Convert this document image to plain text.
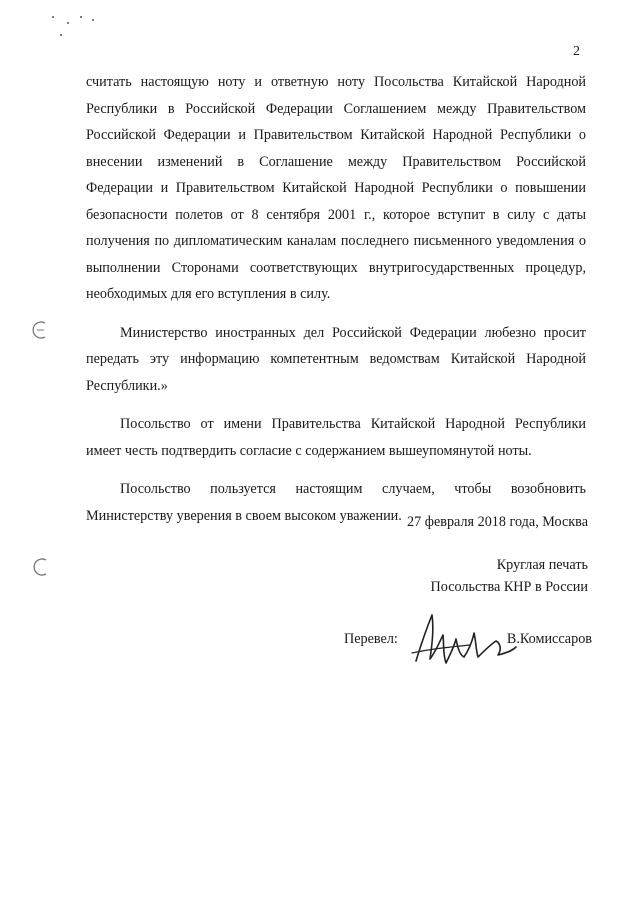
2

считать настоящую ноту и ответную ноту Посольства Китайской Народной Республики в Российской Федерации Соглашением между Правительством Российской Федерации и Правительством Китайской Народной Республики о внесении изменений в Соглашение между Правительством Российской Федерации и Правительством Китайской Народной Республики о повышении безопасности полетов от 8 сентября 2001 г., которое вступит в силу с даты получения по дипломатическим каналам последнего письменного уведомления о выполнении Сторонами соответствующих внутригосударственных процедур, необходимых для его вступления в силу.

Министерство иностранных дел Российской Федерации любезно просит передать эту информацию компетентным ведомствам Китайской Народной Республики.»

Посольство от имени Правительства Китайской Народной Республики имеет честь подтвердить согласие с содержанием вышеупомянутой ноты.

Посольство пользуется настоящим случаем, чтобы возобновить Министерству уверения в своем высоком уважении. 27 февраля 2018 года, Москва
Круглая печать
Посольства КНР в России
Перевел:	В.Комиссаров
